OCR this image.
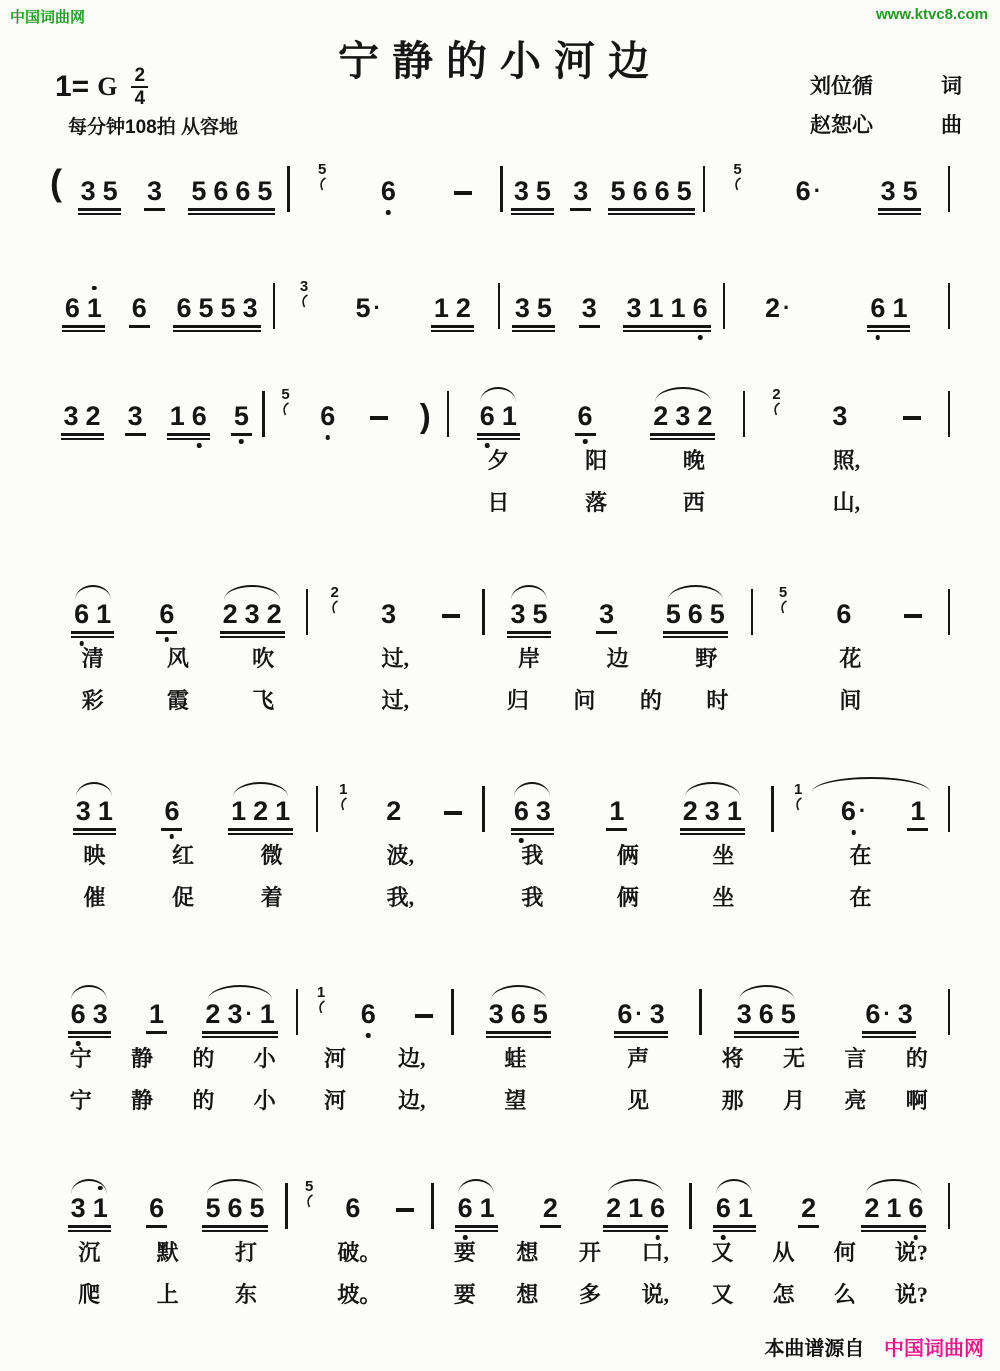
中国词曲网	www.ktvc8.com
宁静的小河边
1= G $\frac{2}{4}$
每分钟108拍 从容地
刘位循	词
赵恕心	曲
( 3 5 3 5 6 6 5
5
6	3 5 3 5 6 6 5
5
6 · 3 5
6 1 6 6 5 5 3
3
5 · 1 2 3 5 3 3 1 1 6 2 ·	6 1
3 2 3 1 6 5
5
6	) 6 1 6 2 3 2
夕	阳	晚
日	落	西
2
3
照,
山,
6 1 6 2 3 2
清	风	吹
彩	霞	飞
2
3
过,
过,
3 5 3 5 6 5
岸	边	野
归 问 的 时
5
6
花
间
3 1 6 1 2 1
映	红	微
催	促	着
1
2
波,
我,
6 3 1 2 3 1
我	俩	坐
我	俩	坐
1
6 · 1
在
在
6 3 1 2 3 · 1
宁 静 的 小
宁 静 的 小
1
6
河 边,
河 边,
3 6 5	6 · 3
蛙	声
望	见
3 6 5	6 · 3
将 无 言 的
那 月 亮 啊
3 1 6 5 6 5
沉	默	打
爬	上	东
5
6
破。
坡。
6 1 2 2 1 6
要 想 开 口,
要 想 多 说,
6 1 2 2 1 6
又 从 何 说?
又 怎 么 说?
本曲谱源自 中国词曲网
